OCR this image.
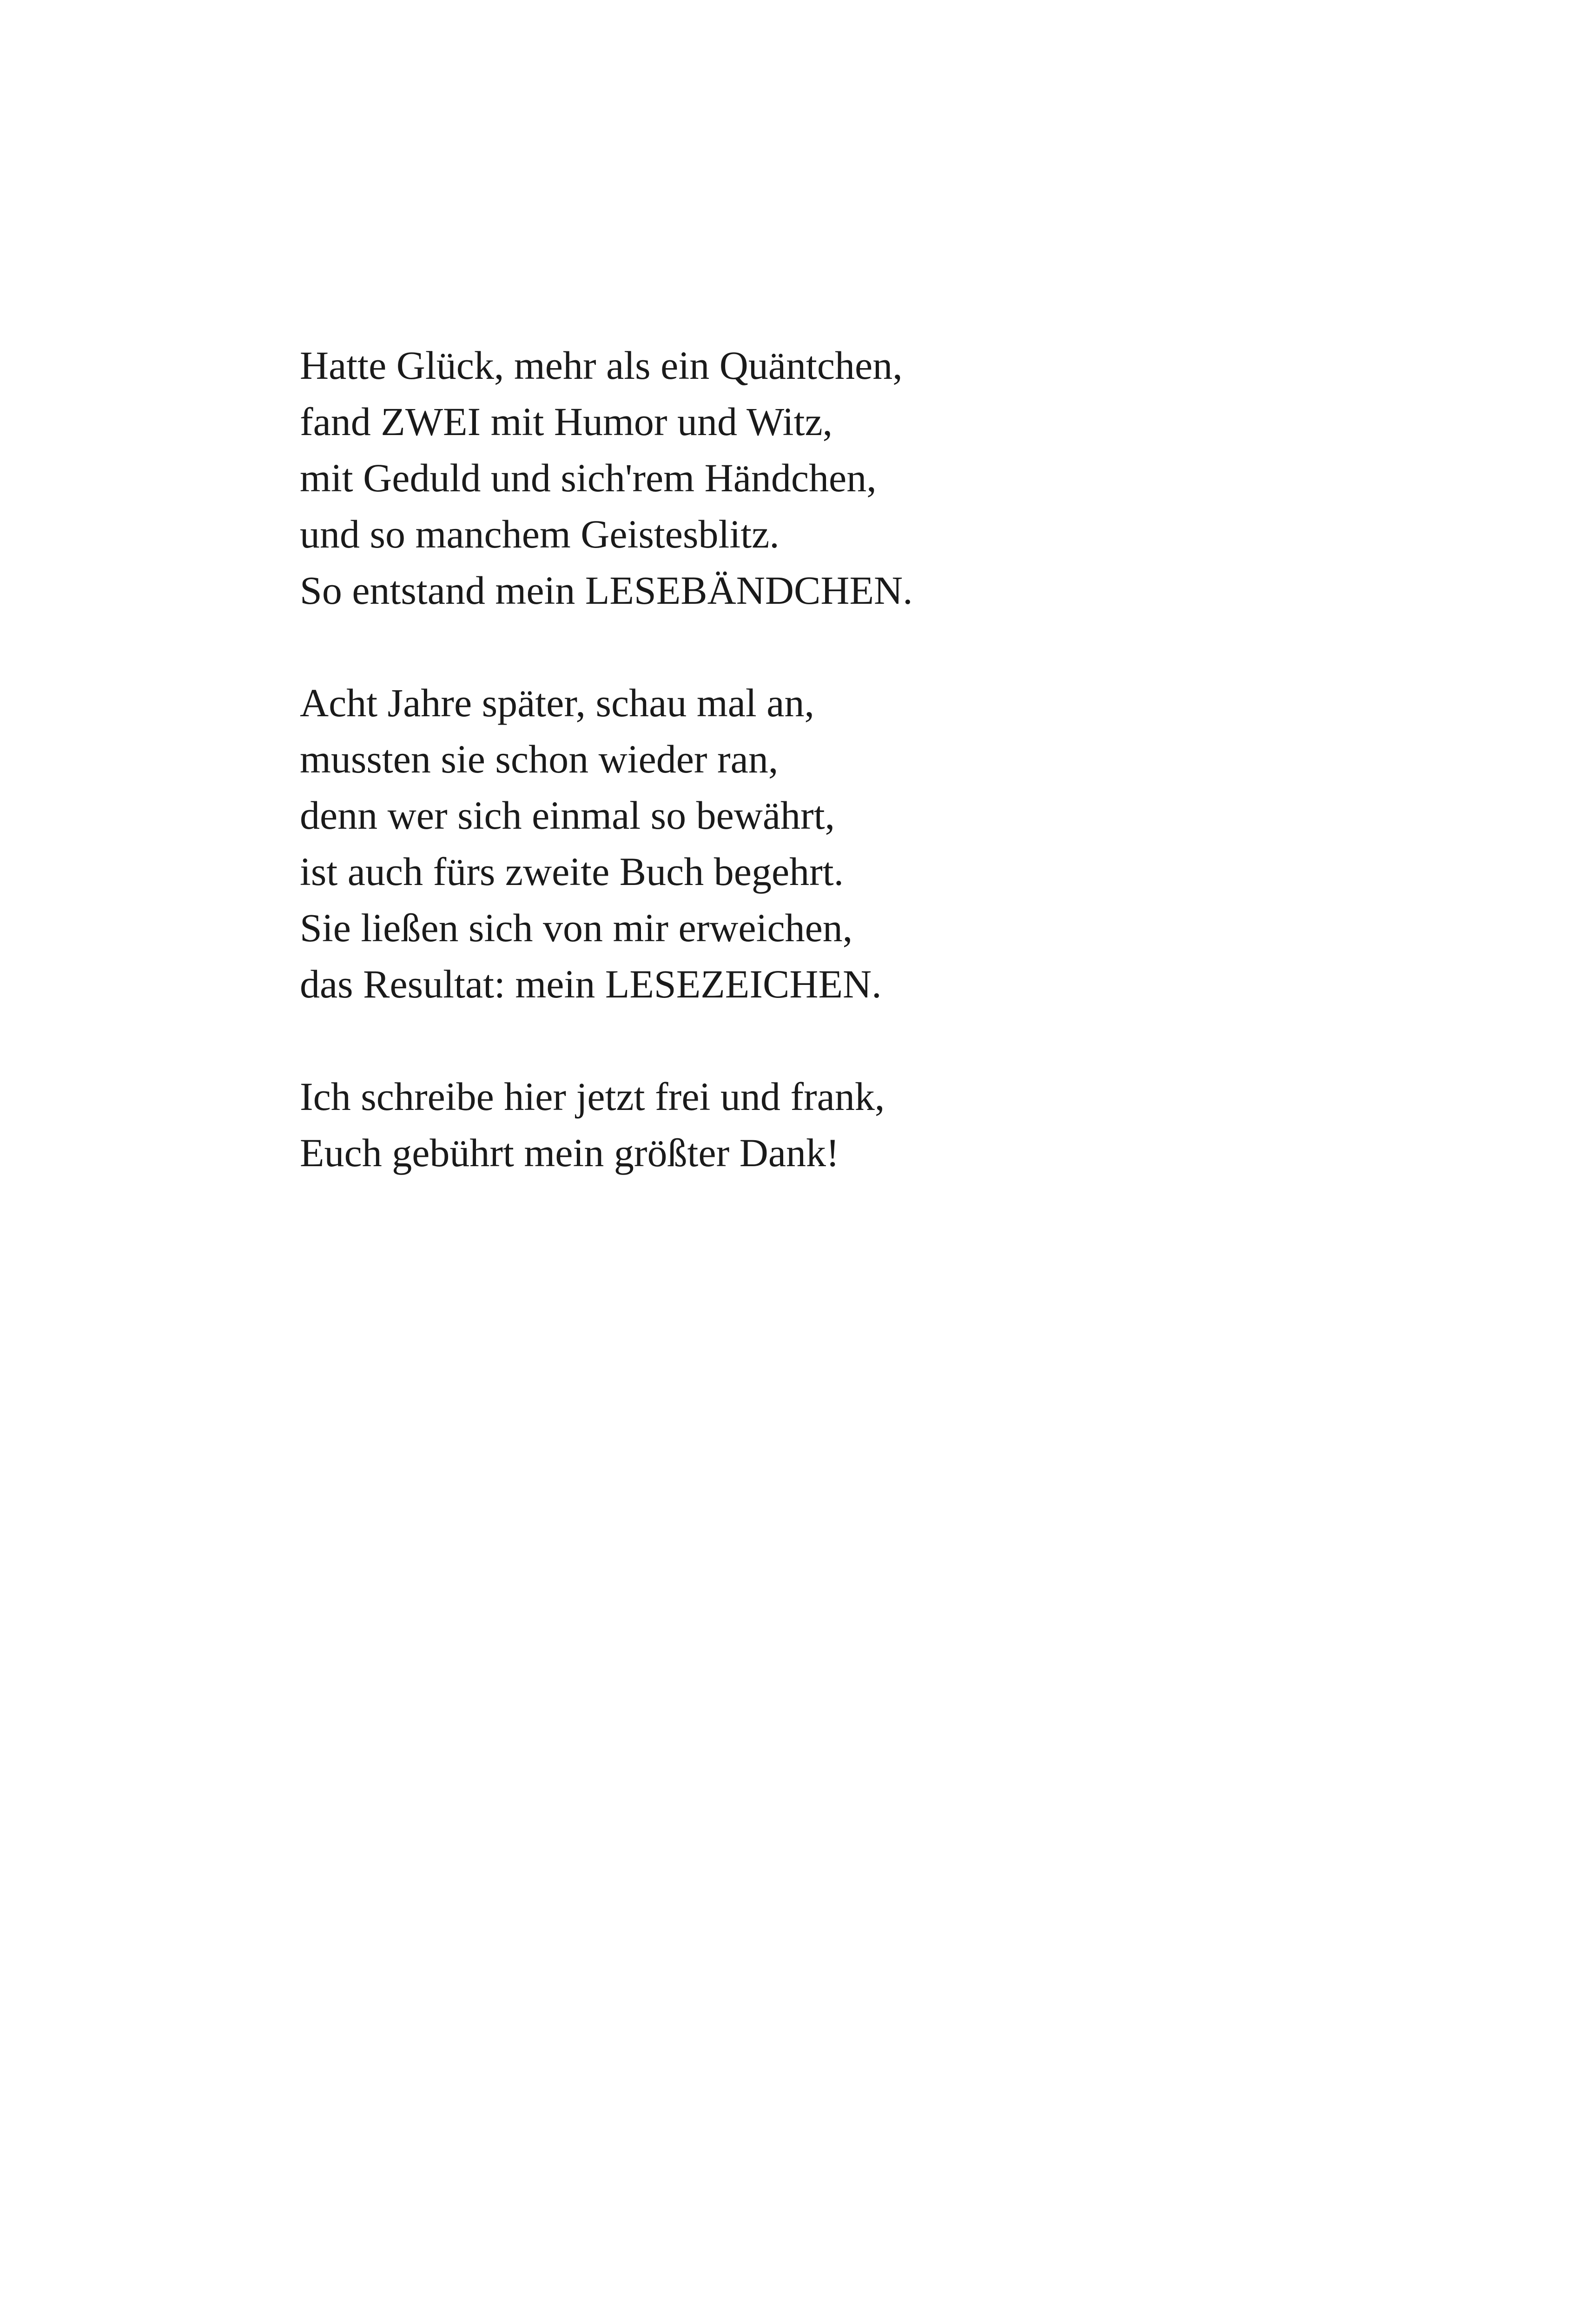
Hatte Glück, mehr als ein Quäntchen,
fand ZWEI mit Humor und Witz,
mit Geduld und sich'rem Händchen,
und so manchem Geistesblitz.
So entstand mein LESEBÄNDCHEN.

Acht Jahre später, schau mal an,
mussten sie schon wieder ran,
denn wer sich einmal so bewährt,
ist auch fürs zweite Buch begehrt.
Sie ließen sich von mir erweichen,
das Resultat: mein LESEZEICHEN.

Ich schreibe hier jetzt frei und frank,
Euch gebührt mein größter Dank!
